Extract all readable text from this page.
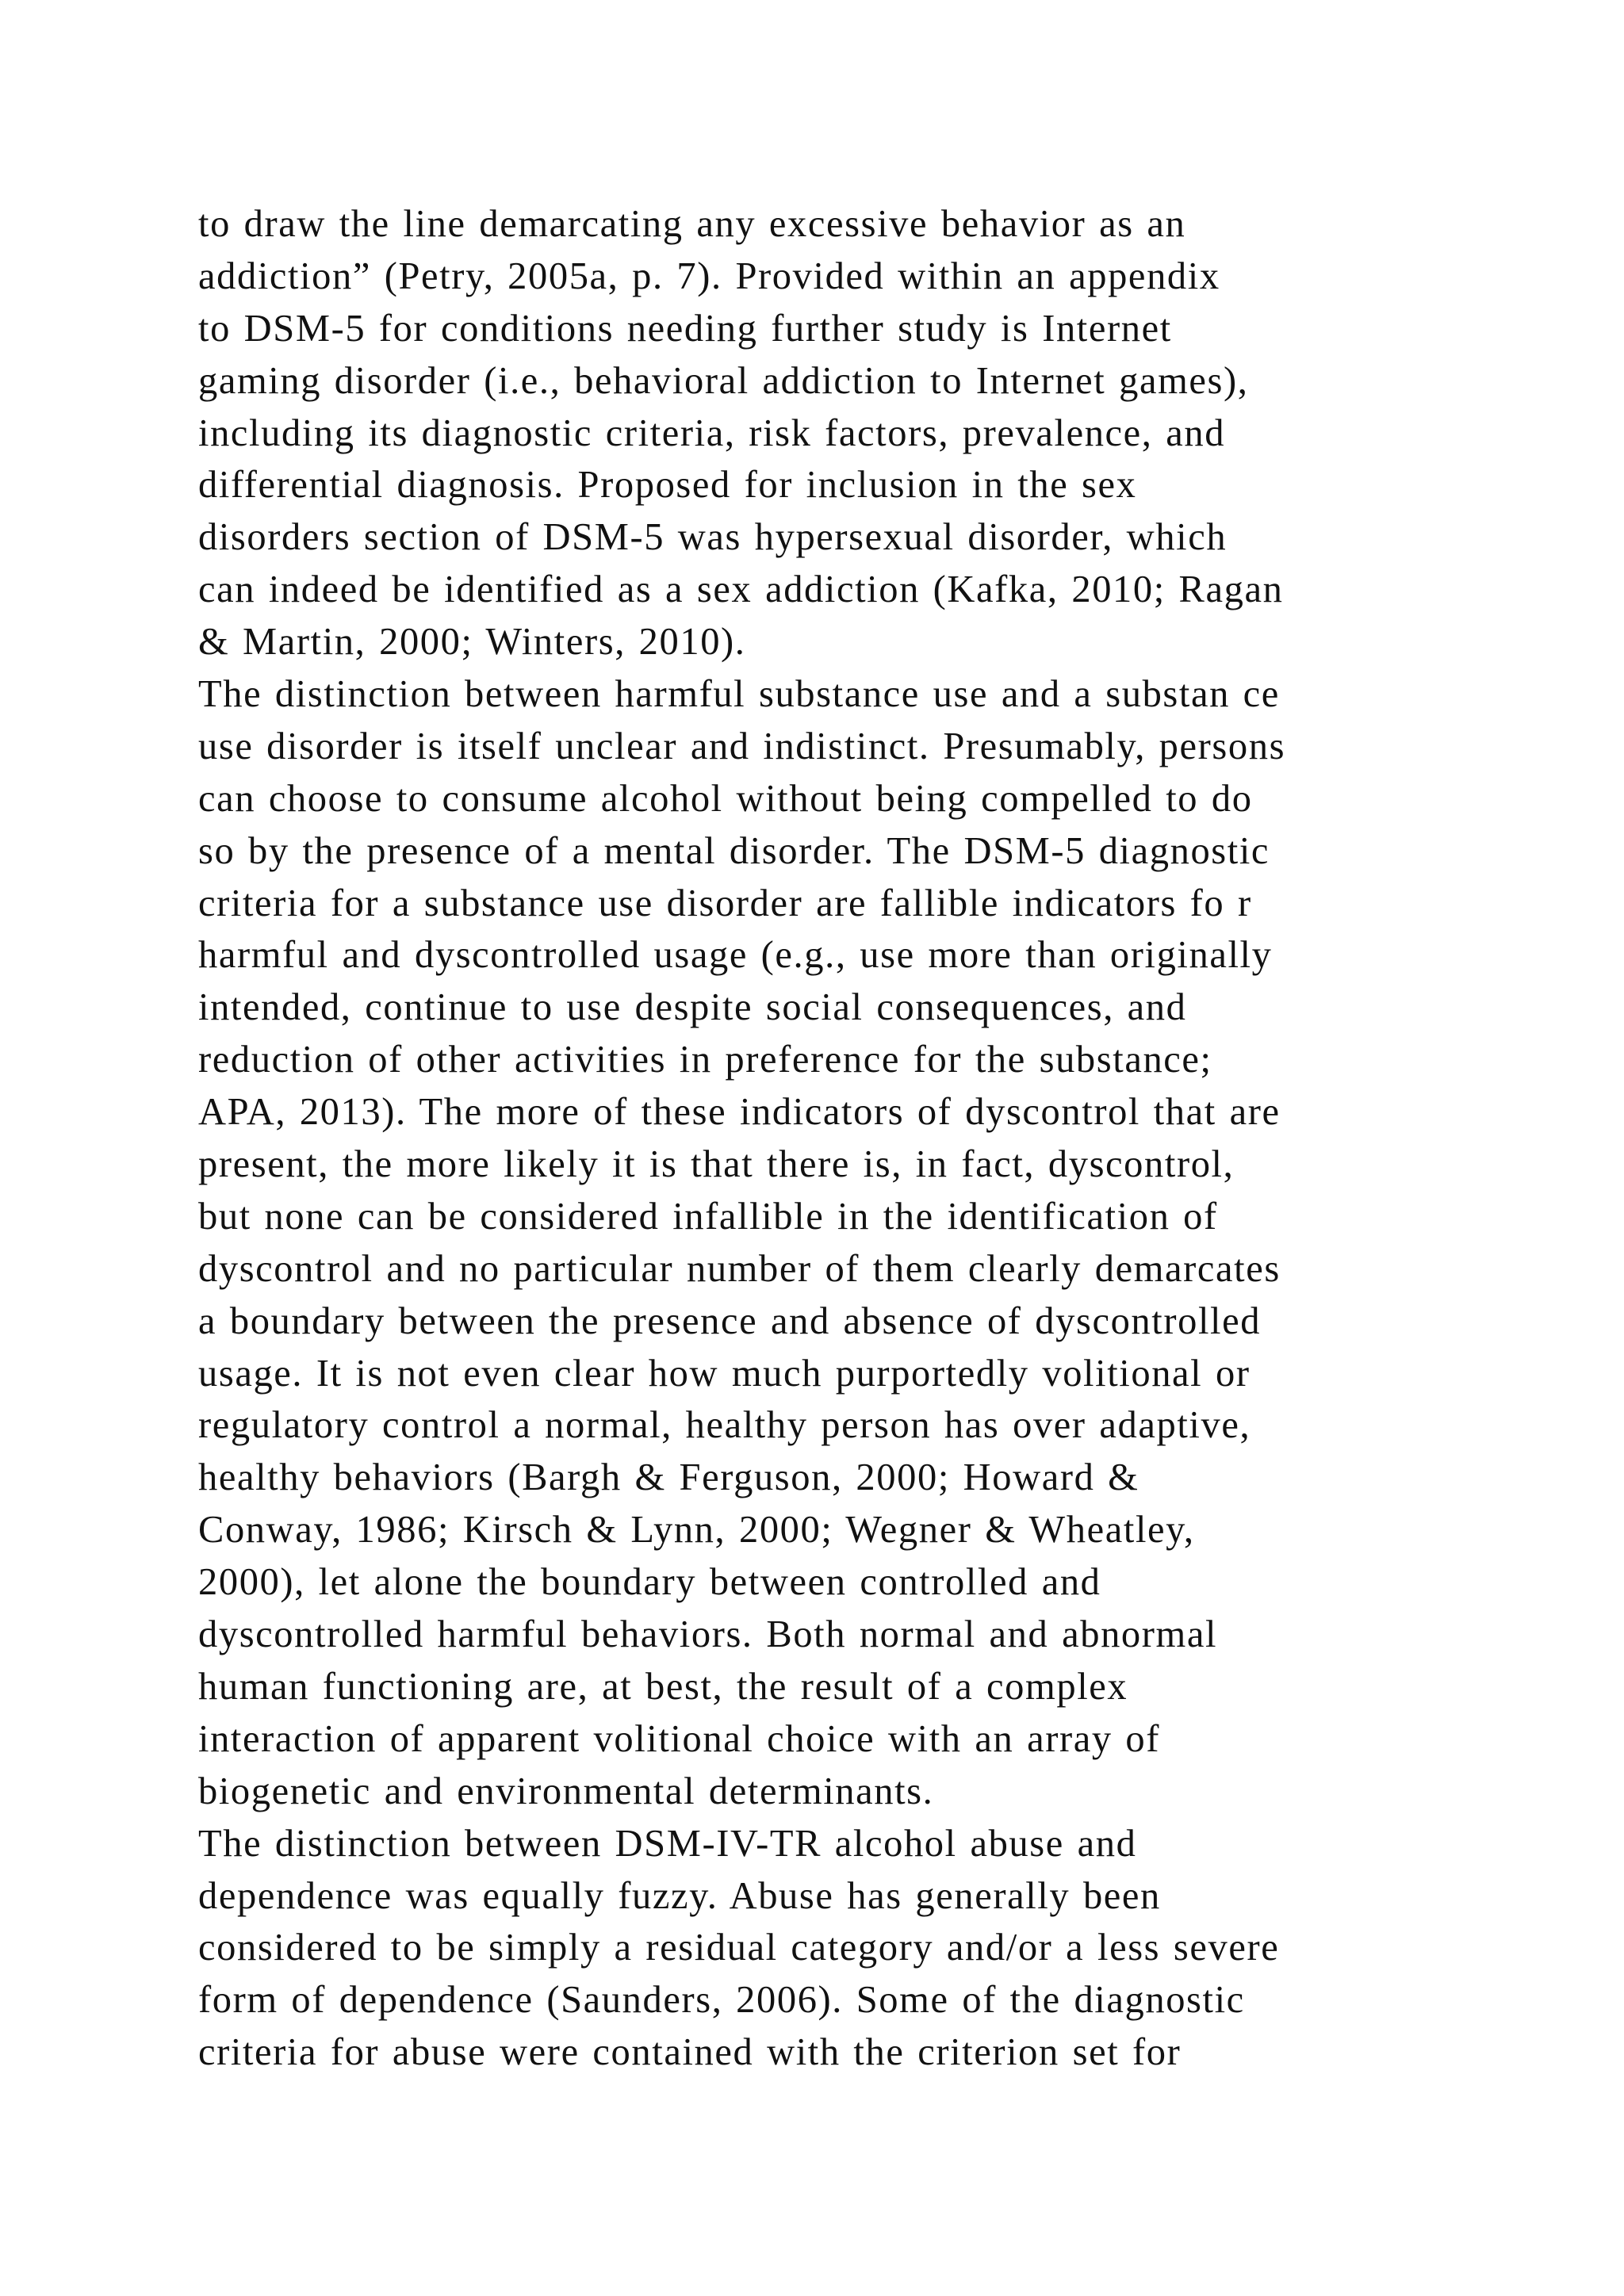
to draw the line demarcating any excessive behavior as an
addiction” (Petry, 2005a, p. 7). Provided within an appendix
to DSM-5 for conditions needing further study is Internet
gaming disorder (i.e., behavioral addiction to Internet games),
including its diagnostic criteria, risk factors, prevalence, and
differential diagnosis. Proposed for inclusion in the sex
disorders section of DSM-5 was hypersexual disorder, which
can indeed be identified as a sex addiction (Kafka, 2010; Ragan
& Martin, 2000; Winters, 2010).
The distinction between harmful substance use and a substan ce
use disorder is itself unclear and indistinct. Presumably, persons
can choose to consume alcohol without being compelled to do
so by the presence of a mental disorder. The DSM-5 diagnostic
criteria for a substance use disorder are fallible indicators fo r
harmful and dyscontrolled usage (e.g., use more than originally
intended, continue to use despite social consequences, and
reduction of other activities in preference for the substance;
APA, 2013). The more of these indicators of dyscontrol that are
present, the more likely it is that there is, in fact, dyscontrol,
but none can be considered infallible in the identification of
dyscontrol and no particular number of them clearly demarcates
a boundary between the presence and absence of dyscontrolled
usage. It is not even clear how much purportedly volitional or
regulatory control a normal, healthy person has over adaptive,
healthy behaviors (Bargh & Ferguson, 2000; Howard &
Conway, 1986; Kirsch & Lynn, 2000; Wegner & Wheatley,
2000), let alone the boundary between controlled and
dyscontrolled harmful behaviors. Both normal and abnormal
human functioning are, at best, the result of a complex
interaction of apparent volitional choice with an array of
biogenetic and environmental determinants.
The distinction between DSM-IV-TR alcohol abuse and
dependence was equally fuzzy. Abuse has generally been
considered to be simply a residual category and/or a less severe
form of dependence (Saunders, 2006). Some of the diagnostic
criteria for abuse were contained with the criterion set for
